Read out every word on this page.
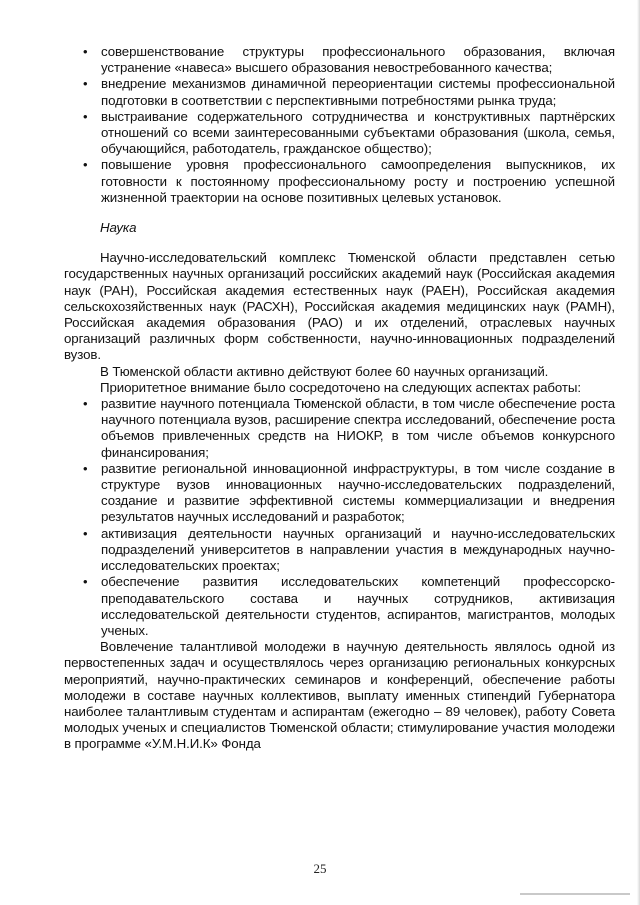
• совершенствование структуры профессионального образования, включая устранение «навеса» высшего образования невостребованного качества;
• внедрение механизмов динамичной переориентации системы профессиональной подготовки в соответствии с перспективными потребностями рынка труда;
• выстраивание содержательного сотрудничества и конструктивных партнёрских отношений со всеми заинтересованными субъектами образования (школа, семья, обучающийся, работодатель, гражданское общество);
• повышение уровня профессионального самоопределения выпускников, их готовности к постоянному профессиональному росту и построению успешной жизненной траектории на основе позитивных целевых установок.
Наука

Научно-исследовательский комплекс Тюменской области представлен сетью государственных научных организаций российских академий наук (Российская академия наук (РАН), Российская академия естественных наук (РАЕН), Российская академия сельскохозяйственных наук (РАСХН), Российская академия медицинских наук (РАМН), Российская академия образования (РАО) и их отделений, отраслевых научных организаций различных форм собственности, научно-инновационных подразделений вузов.

В Тюменской области активно действуют более 60 научных организаций.

Приоритетное внимание было сосредоточено на следующих аспектах работы:

• развитие научного потенциала Тюменской области, в том числе обеспечение роста научного потенциала вузов, расширение спектра исследований, обеспечение роста объемов привлеченных средств на НИОКР, в том числе объемов конкурсного финансирования;
• развитие региональной инновационной инфраструктуры, в том числе создание в структуре вузов инновационных научно-исследовательских подразделений, создание и развитие эффективной системы коммерциализации и внедрения результатов научных исследований и разработок;
• активизация деятельности научных организаций и научно-исследовательских подразделений университетов в направлении участия в международных научно-исследовательских проектах;
• обеспечение развития исследовательских компетенций профессорско-преподавательского состава и научных сотрудников, активизация исследовательской деятельности студентов, аспирантов, магистрантов, молодых ученых.

Вовлечение талантливой молодежи в научную деятельность являлось одной из первостепенных задач и осуществлялось через организацию региональных конкурсных мероприятий, научно-практических семинаров и конференций, обеспечение работы молодежи в составе научных коллективов, выплату именных стипендий Губернатора наиболее талантливым студентам и аспирантам (ежегодно – 89 человек), работу Совета молодых ученых и специалистов Тюменской области; стимулирование участия молодежи в программе «У.М.Н.И.К» Фонда

25
